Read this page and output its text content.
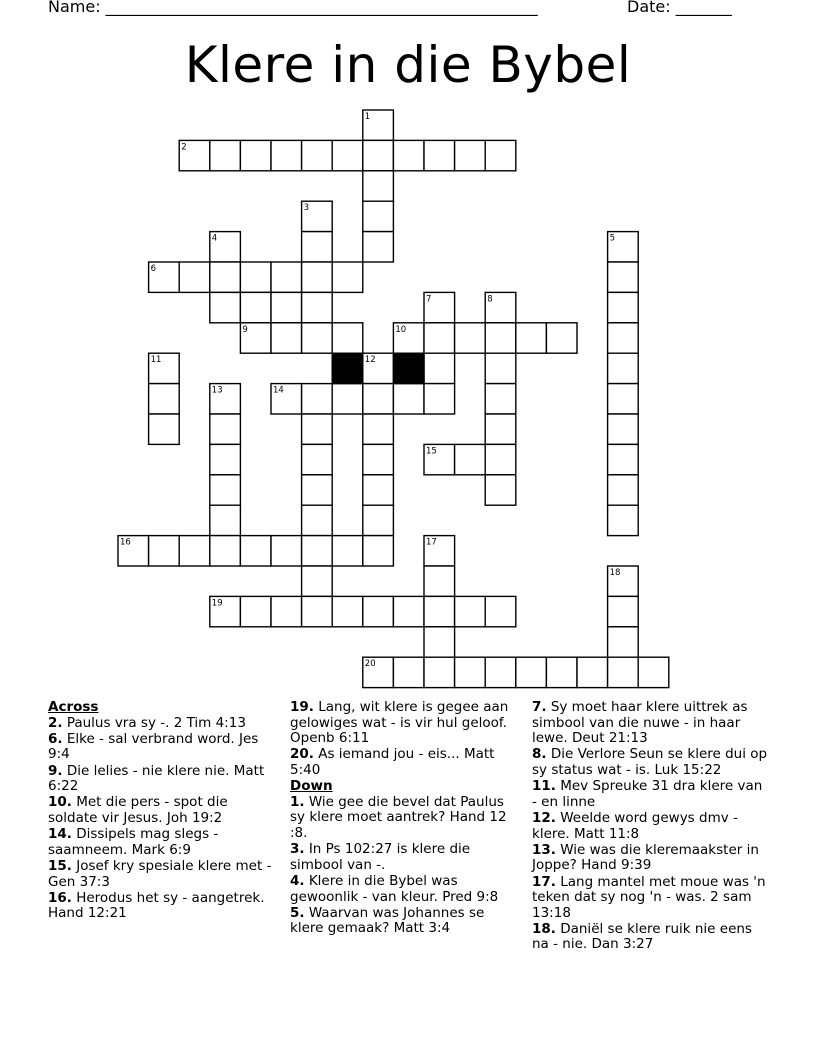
Name: ______________________________________________________	Date: _______
Klere in die Bybel
1
2
3
4	5
6
7	8
9	10
11	12
13	14
15
16	17
18
19
20
Across
2. Paulus vra sy -. 2 Tim 4:13
6. Elke - sal verbrand word. Jes 9:4
9. Die lelies - nie klere nie. Matt 6:22
10. Met die pers - spot die soldate vir Jesus. Joh 19:2
14. Dissipels mag slegs - saamneem. Mark 6:9
15. Josef kry spesiale klere met - Gen 37:3
16. Herodus het sy - aangetrek. Hand 12:21
19. Lang, wit klere is gegee aan gelowiges wat - is vir hul geloof. Openb 6:11
20. As iemand jou - eis... Matt 5:40
Down
1. Wie gee die bevel dat Paulus sy klere moet aantrek? Hand 12 :8.
3. In Ps 102:27 is klere die simbool van -.
4. Klere in die Bybel was gewoonlik - van kleur. Pred 9:8
5. Waarvan was Johannes se klere gemaak? Matt 3:4
7. Sy moet haar klere uittrek as simbool van die nuwe - in haar lewe. Deut 21:13
8. Die Verlore Seun se klere dui op sy status wat - is. Luk 15:22
11. Mev Spreuke 31 dra klere van - en linne
12. Weelde word gewys dmv - klere. Matt 11:8
13. Wie was die kleremaakster in Joppe? Hand 9:39
17. Lang mantel met moue was 'n teken dat sy nog 'n - was. 2 sam 13:18
18. Daniël se klere ruik nie eens na - nie. Dan 3:27
